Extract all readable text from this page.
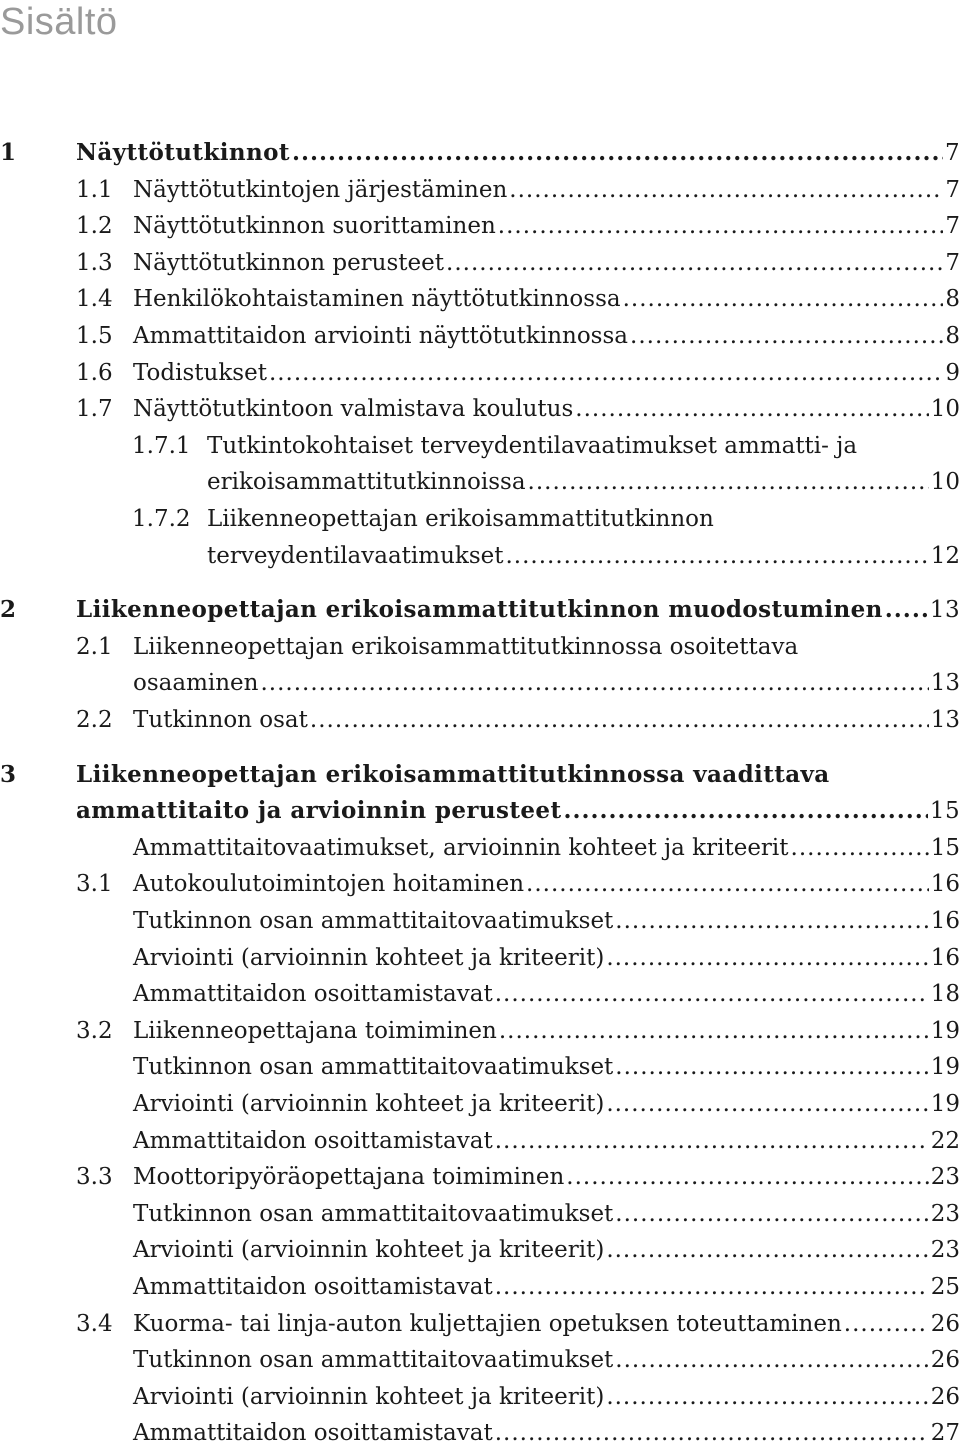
Sisältö
1	Näyttötutkinnot .....	7
1.1 Näyttötutkintojen järjestäminen .....	7
1.2 Näyttötutkinnon suorittaminen .....	7
1.3 Näyttötutkinnon perusteet .....	7
1.4 Henkilökohtaistaminen näyttötutkinnossa .....	8
1.5 Ammattitaidon arviointi näyttötutkinnossa .....	8
1.6 Todistukset .....	9
1.7 Näyttötutkintoon valmistava koulutus .....	10
1.7.1 Tutkintokohtaiset terveydentilavaatimukset ammatti- ja
erikoisammattitutkinnoissa .....	10
1.7.2 Liikenneopettajan erikoisammattitutkinnon
terveydentilavaatimukset .....	12
2	Liikenneopettajan erikoisammattitutkinnon muodostuminen ..... 13
2.1 Liikenneopettajan erikoisammattitutkinnossa osoitettava
osaaminen .....	13
2.2 Tutkinnon osat .....	13
3	Liikenneopettajan erikoisammattitutkinnossa vaadittava
ammattitaito ja arvioinnin perusteet .....	15
Ammattitaitovaatimukset, arvioinnin kohteet ja kriteerit .....	15
3.1 Autokoulutoimintojen hoitaminen .....	16
Tutkinnon osan ammattitaitovaatimukset .....	16
Arviointi (arvioinnin kohteet ja kriteerit) .....	16
Ammattitaidon osoittamistavat .....	18
3.2 Liikenneopettajana toimiminen .....	19
Tutkinnon osan ammattitaitovaatimukset .....	19
Arviointi (arvioinnin kohteet ja kriteerit) .....	19
Ammattitaidon osoittamistavat .....	22
3.3 Moottoripyöräopettajana toimiminen .....	23
Tutkinnon osan ammattitaitovaatimukset .....	23
Arviointi (arvioinnin kohteet ja kriteerit) .....	23
Ammattitaidon osoittamistavat .....	25
3.4 Kuorma- tai linja-auton kuljettajien opetuksen toteuttaminen .....	26
Tutkinnon osan ammattitaitovaatimukset .....	26
Arviointi (arvioinnin kohteet ja kriteerit) .....	26
Ammattitaidon osoittamistavat .....	27
